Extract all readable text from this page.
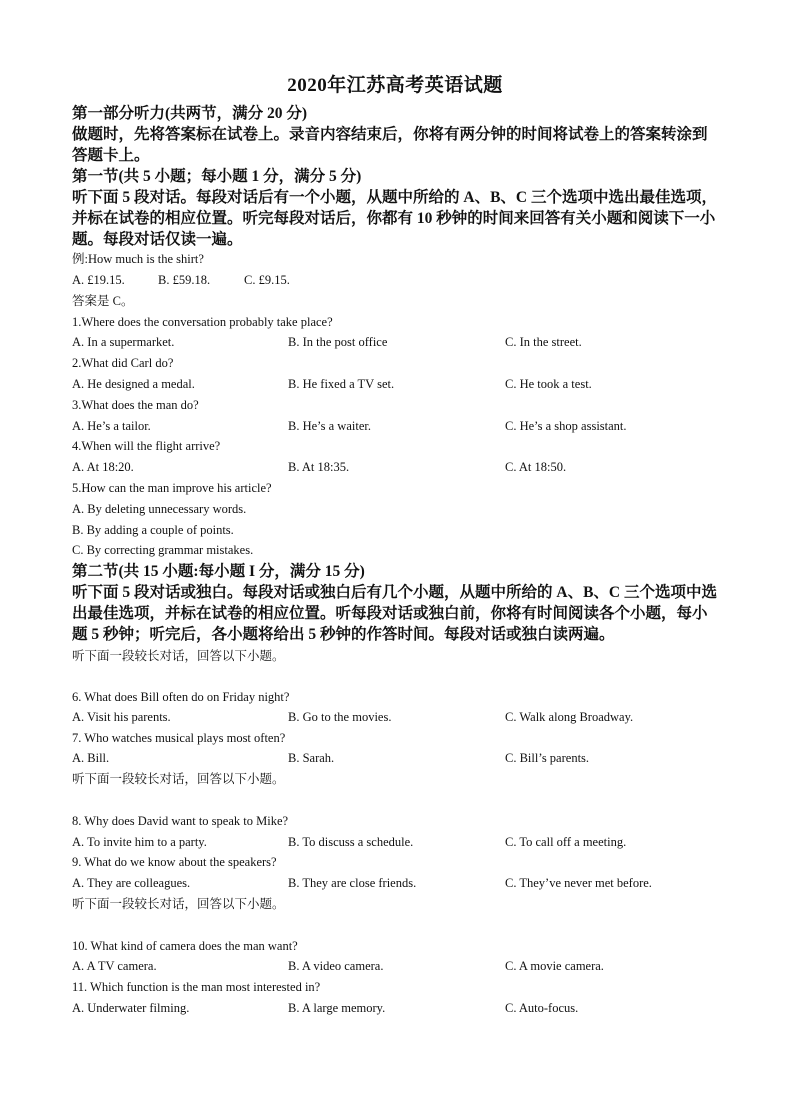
2020年江苏高考英语试题
第一部分听力(共两节，满分 20 分)
做题时，先将答案标在试卷上。录音内容结束后，你将有两分钟的时间将试卷上的答案转涂到答题卡上。
第一节(共 5 小题；每小题 1 分，满分 5 分)
听下面 5 段对话。每段对话后有一个小题，从题中所给的 A、B、C 三个选项中选出最佳选项，并标在试卷的相应位置。听完每段对话后，你都有 10 秒钟的时间来回答有关小题和阅读下一小题。每段对话仅读一遍。
例:How much is the shirt?
A. £19.15.	B. £59.18.	C. £9.15.
答案是 C。
1.Where does the conversation probably take place?
A. In a supermarket.	B. In the post office	C. In the street.
2.What did Carl do?
A. He designed a medal.	B. He fixed a TV set.	C. He took a test.
3.What does the man do?
A. He’s a tailor.	B. He’s a waiter.	C. He’s a shop assistant.
4.When will the flight arrive?
A. At 18:20.	B. At 18:35.	C. At 18:50.
5.How can the man improve his article?
A. By deleting unnecessary words.
B. By adding a couple of points.
C. By correcting grammar mistakes.
第二节(共 15 小题:每小题 I 分，满分 15 分)
听下面 5 段对话或独白。每段对话或独白后有几个小题，从题中所给的 A、B、C 三个选项中选出最佳选项，并标在试卷的相应位置。听每段对话或独白前，你将有时间阅读各个小题，每小题 5 秒钟；听完后，各小题将给出 5 秒钟的作答时间。每段对话或独白读两遍。
听下面一段较长对话，回答以下小题。
6. What does Bill often do on Friday night?
A. Visit his parents.	B. Go to the movies.	C. Walk along Broadway.
7. Who watches musical plays most often?
A. Bill.	B. Sarah.	C. Bill’s parents.
听下面一段较长对话，回答以下小题。
8. Why does David want to speak to Mike?
A. To invite him to a party.	B. To discuss a schedule.	C. To call off a meeting.
9. What do we know about the speakers?
A. They are colleagues.	B. They are close friends.	C. They’ve never met before.
听下面一段较长对话，回答以下小题。
10. What kind of camera does the man want?
A. A TV camera.	B. A video camera.	C. A movie camera.
11. Which function is the man most interested in?
A. Underwater filming.	B. A large memory.	C. Auto-focus.
